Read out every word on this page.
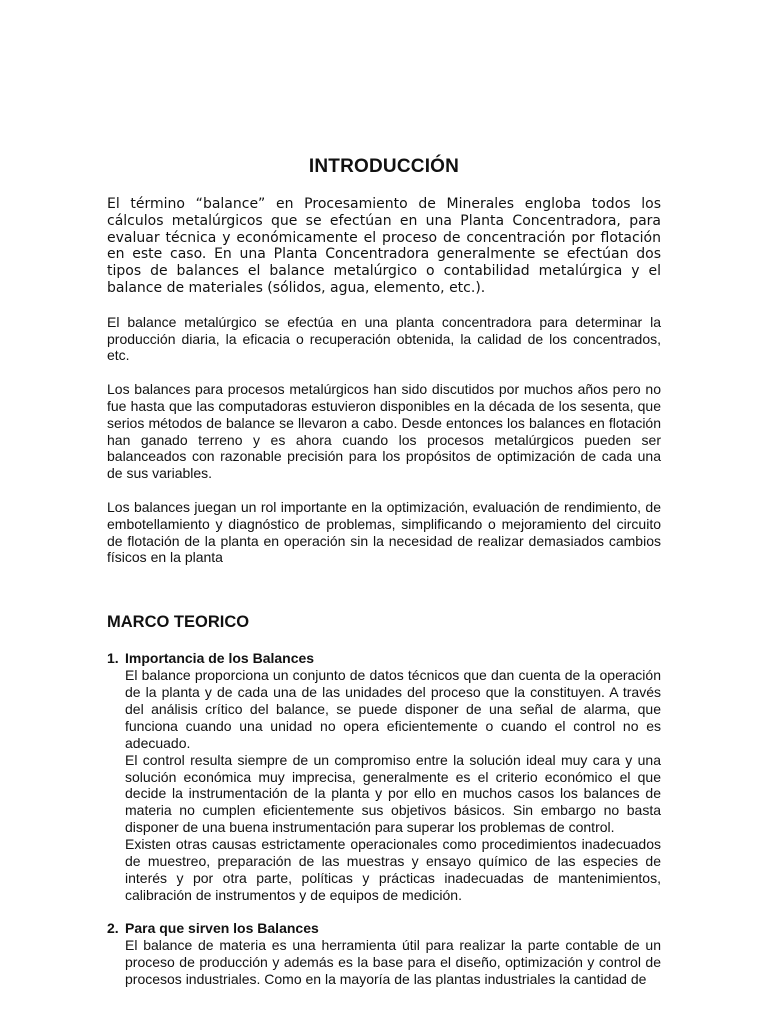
INTRODUCCIÓN

El término “balance” en Procesamiento de Minerales engloba todos los cálculos metalúrgicos que se efectúan en una Planta Concentradora, para evaluar técnica y económicamente el proceso de concentración por flotación en este caso. En una Planta Concentradora generalmente se efectúan dos tipos de balances el balance metalúrgico o contabilidad metalúrgica y el balance de materiales (sólidos, agua, elemento, etc.).

El balance metalúrgico se efectúa en una planta concentradora para determinar la producción diaria, la eficacia o recuperación obtenida, la calidad de los concentrados, etc.

Los balances para procesos metalúrgicos han sido discutidos por muchos años pero no fue hasta que las computadoras estuvieron disponibles en la década de los sesenta, que serios métodos de balance se llevaron a cabo. Desde entonces los balances en flotación han ganado terreno y es ahora cuando los procesos metalúrgicos pueden ser balanceados con razonable precisión para los propósitos de optimización de cada una de sus variables.

Los balances juegan un rol importante en la optimización, evaluación de rendimiento, de embotellamiento y diagnóstico de problemas, simplificando o mejoramiento del circuito de flotación de la planta en operación sin la necesidad de realizar demasiados cambios físicos en la planta

MARCO TEORICO
1. Importancia de los Balances

El balance proporciona un conjunto de datos técnicos que dan cuenta de la operación de la planta y de cada una de las unidades del proceso que la constituyen. A través del análisis crítico del balance, se puede disponer de una señal de alarma, que funciona cuando una unidad no opera eficientemente o cuando el control no es adecuado.

El control resulta siempre de un compromiso entre la solución ideal muy cara y una solución económica muy imprecisa, generalmente es el criterio económico el que decide la instrumentación de la planta y por ello en muchos casos los balances de materia no cumplen eficientemente sus objetivos básicos. Sin embargo no basta disponer de una buena instrumentación para superar los problemas de control.

Existen otras causas estrictamente operacionales como procedimientos inadecuados de muestreo, preparación de las muestras y ensayo químico de las especies de interés y por otra parte, políticas y prácticas inadecuadas de mantenimientos, calibración de instrumentos y de equipos de medición.

2. Para que sirven los Balances

El balance de materia es una herramienta útil para realizar la parte contable de un proceso de producción y además es la base para el diseño, optimización y control de procesos industriales. Como en la mayoría de las plantas industriales la cantidad de
